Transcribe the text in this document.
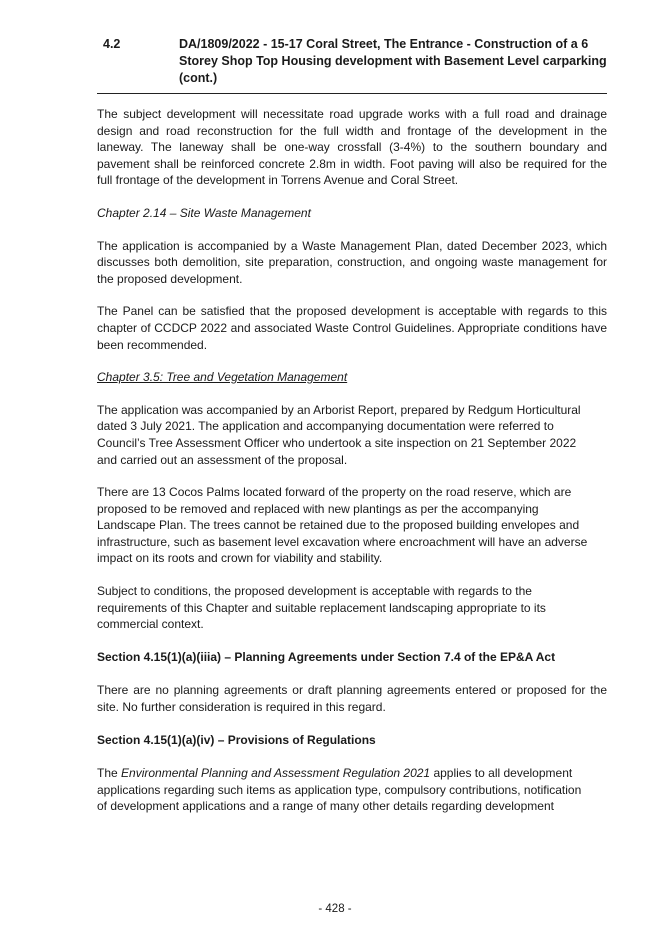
4.2	DA/1809/2022 - 15-17 Coral Street, The Entrance - Construction of a 6 Storey Shop Top Housing development with Basement Level carparking (cont.)

The subject development will necessitate road upgrade works with a full road and drainage design and road reconstruction for the full width and frontage of the development in the laneway. The laneway shall be one-way crossfall (3-4%) to the southern boundary and pavement shall be reinforced concrete 2.8m in width. Foot paving will also be required for the full frontage of the development in Torrens Avenue and Coral Street.

Chapter 2.14 – Site Waste Management

The application is accompanied by a Waste Management Plan, dated December 2023, which discusses both demolition, site preparation, construction, and ongoing waste management for the proposed development.

The Panel can be satisfied that the proposed development is acceptable with regards to this chapter of CCDCP 2022 and associated Waste Control Guidelines. Appropriate conditions have been recommended.

Chapter 3.5: Tree and Vegetation Management

The application was accompanied by an Arborist Report, prepared by Redgum Horticultural
dated 3 July 2021. The application and accompanying documentation were referred to
Council’s Tree Assessment Officer who undertook a site inspection on 21 September 2022
and carried out an assessment of the proposal.

There are 13 Cocos Palms located forward of the property on the road reserve, which are
proposed to be removed and replaced with new plantings as per the accompanying
Landscape Plan. The trees cannot be retained due to the proposed building envelopes and
infrastructure, such as basement level excavation where encroachment will have an adverse
impact on its roots and crown for viability and stability.

Subject to conditions, the proposed development is acceptable with regards to the
requirements of this Chapter and suitable replacement landscaping appropriate to its
commercial context.

Section 4.15(1)(a)(iiia) – Planning Agreements under Section 7.4 of the EP&A Act

There are no planning agreements or draft planning agreements entered or proposed for the site. No further consideration is required in this regard.

Section 4.15(1)(a)(iv) – Provisions of Regulations

The Environmental Planning and Assessment Regulation 2021 applies to all development
applications regarding such items as application type, compulsory contributions, notification
of development applications and a range of many other details regarding development

- 428 -
